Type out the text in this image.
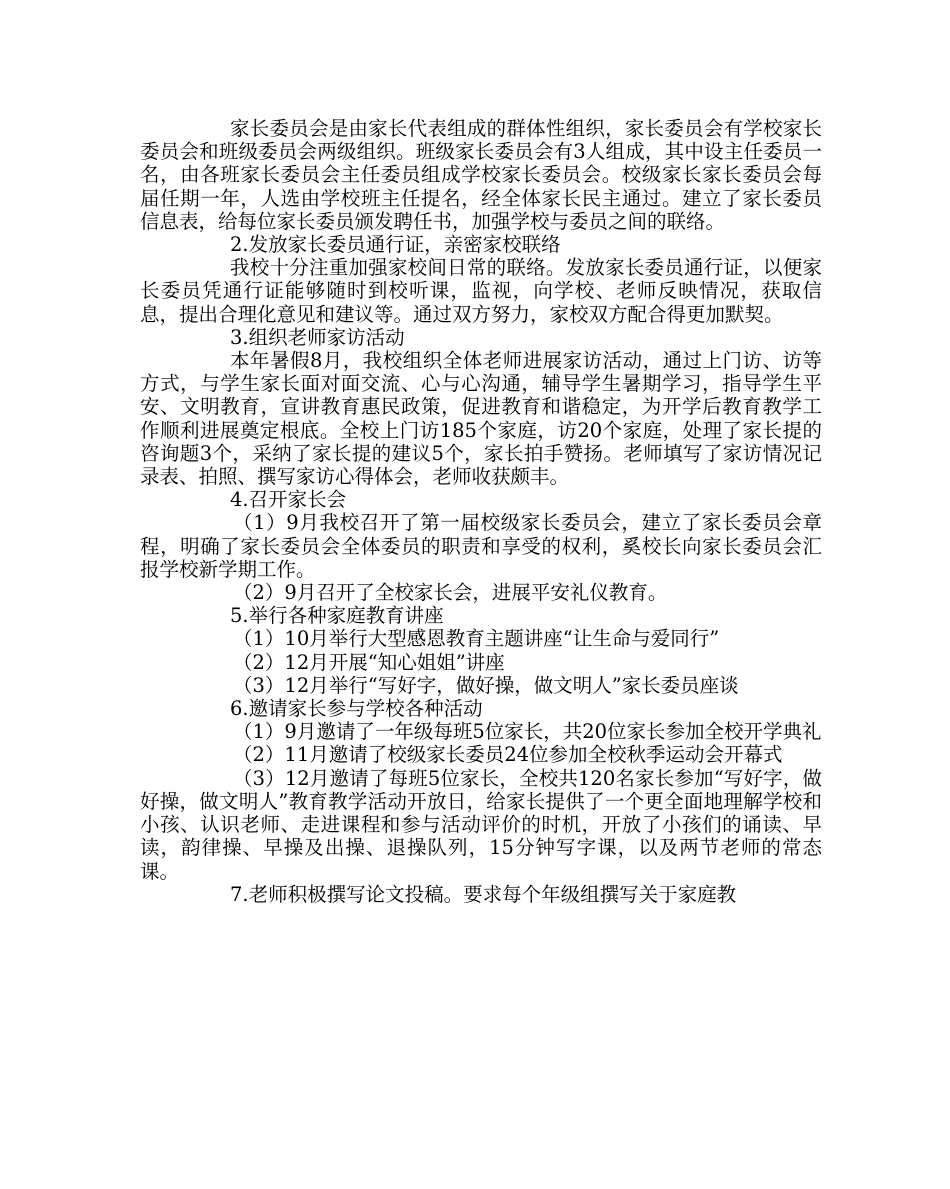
家长委员会是由家长代表组成的群体性组织，家长委员会有学校家长委员会和班级委员会两级组织。班级家长委员会有3人组成，其中设主任委员一名，由各班家长委员会主任委员组成学校家长委员会。校级家长家长委员会每届任期一年，人选由学校班主任提名，经全体家长民主通过。建立了家长委员信息表，给每位家长委员颁发聘任书，加强学校与委员之间的联络。

2.发放家长委员通行证，亲密家校联络

我校十分注重加强家校间日常的联络。发放家长委员通行证，以便家长委员凭通行证能够随时到校听课，监视，向学校、老师反映情况，获取信息，提出合理化意见和建议等。通过双方努力，家校双方配合得更加默契。

3.组织老师家访活动

本年暑假8月，我校组织全体老师进展家访活动，通过上门访、访等方式，与学生家长面对面交流、心与心沟通，辅导学生暑期学习，指导学生平安、文明教育，宣讲教育惠民政策，促进教育和谐稳定，为开学后教育教学工作顺利进展奠定根底。全校上门访185个家庭，访20个家庭，处理了家长提的咨询题3个，采纳了家长提的建议5个，家长拍手赞扬。老师填写了家访情况记录表、拍照、撰写家访心得体会，老师收获颇丰。

4.召开家长会

（1）9月我校召开了第一届校级家长委员会，建立了家长委员会章程，明确了家长委员会全体委员的职责和享受的权利，奚校长向家长委员会汇报学校新学期工作。

（2）9月召开了全校家长会，进展平安礼仪教育。

5.举行各种家庭教育讲座

（1）10月举行大型感恩教育主题讲座“让生命与爱同行”

（2）12月开展“知心姐姐”讲座

（3）12月举行“写好字，做好操，做文明人”家长委员座谈

6.邀请家长参与学校各种活动

（1）9月邀请了一年级每班5位家长，共20位家长参加全校开学典礼

（2）11月邀请了校级家长委员24位参加全校秋季运动会开幕式

（3）12月邀请了每班5位家长，全校共120名家长参加“写好字，做好操，做文明人”教育教学活动开放日，给家长提供了一个更全面地理解学校和小孩、认识老师、走进课程和参与活动评价的时机，开放了小孩们的诵读、早读，韵律操、早操及出操、退操队列，15分钟写字课，以及两节老师的常态课。

7.老师积极撰写论文投稿。要求每个年级组撰写关于家庭教
